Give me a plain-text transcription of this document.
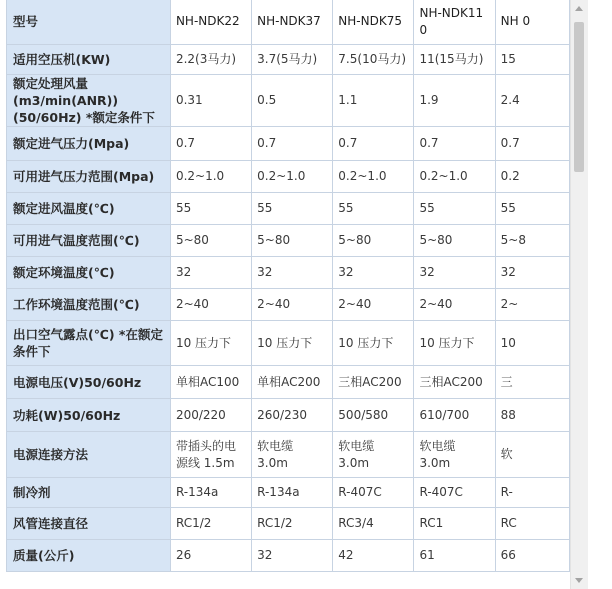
型号	NH-NDK22	NH-NDK37	NH-NDK75	NH-NDK11 0	NH 0
适用空压机(KW)	2.2(3马力)	3.7(5马力)	7.5(10马力)	11(15马力)	15
额定处理风量 (m3/min(ANR))(50/60Hz) *额定条件下	0.31	0.5	1.1	1.9	2.4
额定进气压力(Mpa)	0.7	0.7	0.7	0.7	0.7
可用进气压力范围(Mpa)	0.2~1.0	0.2~1.0	0.2~1.0	0.2~1.0	0.2
额定进风温度(℃)	55	55	55	55	55
可用进气温度范围(℃)	5~80	5~80	5~80	5~80	5~8
额定环境温度(℃)	32	32	32	32	32
工作环境温度范围(℃)	2~40	2~40	2~40	2~40	2~
出口空气露点(℃) *在额定条件下	10 压力下	10 压力下	10 压力下	10 压力下	10
电源电压(V)50/60Hz	单相AC100	单相AC200	三相AC200	三相AC200	三
功耗(W)50/60Hz	200/220	260/230	500/580	610/700	88
电源连接方法	带插头的电源线 1.5m	软电缆 3.0m	软电缆 3.0m	软电缆 3.0m	软
制冷剂	R-134a	R-134a	R-407C	R-407C	R-
风管连接直径	RC1/2	RC1/2	RC3/4	RC1	RC
质量(公斤)	26	32	42	61	66
